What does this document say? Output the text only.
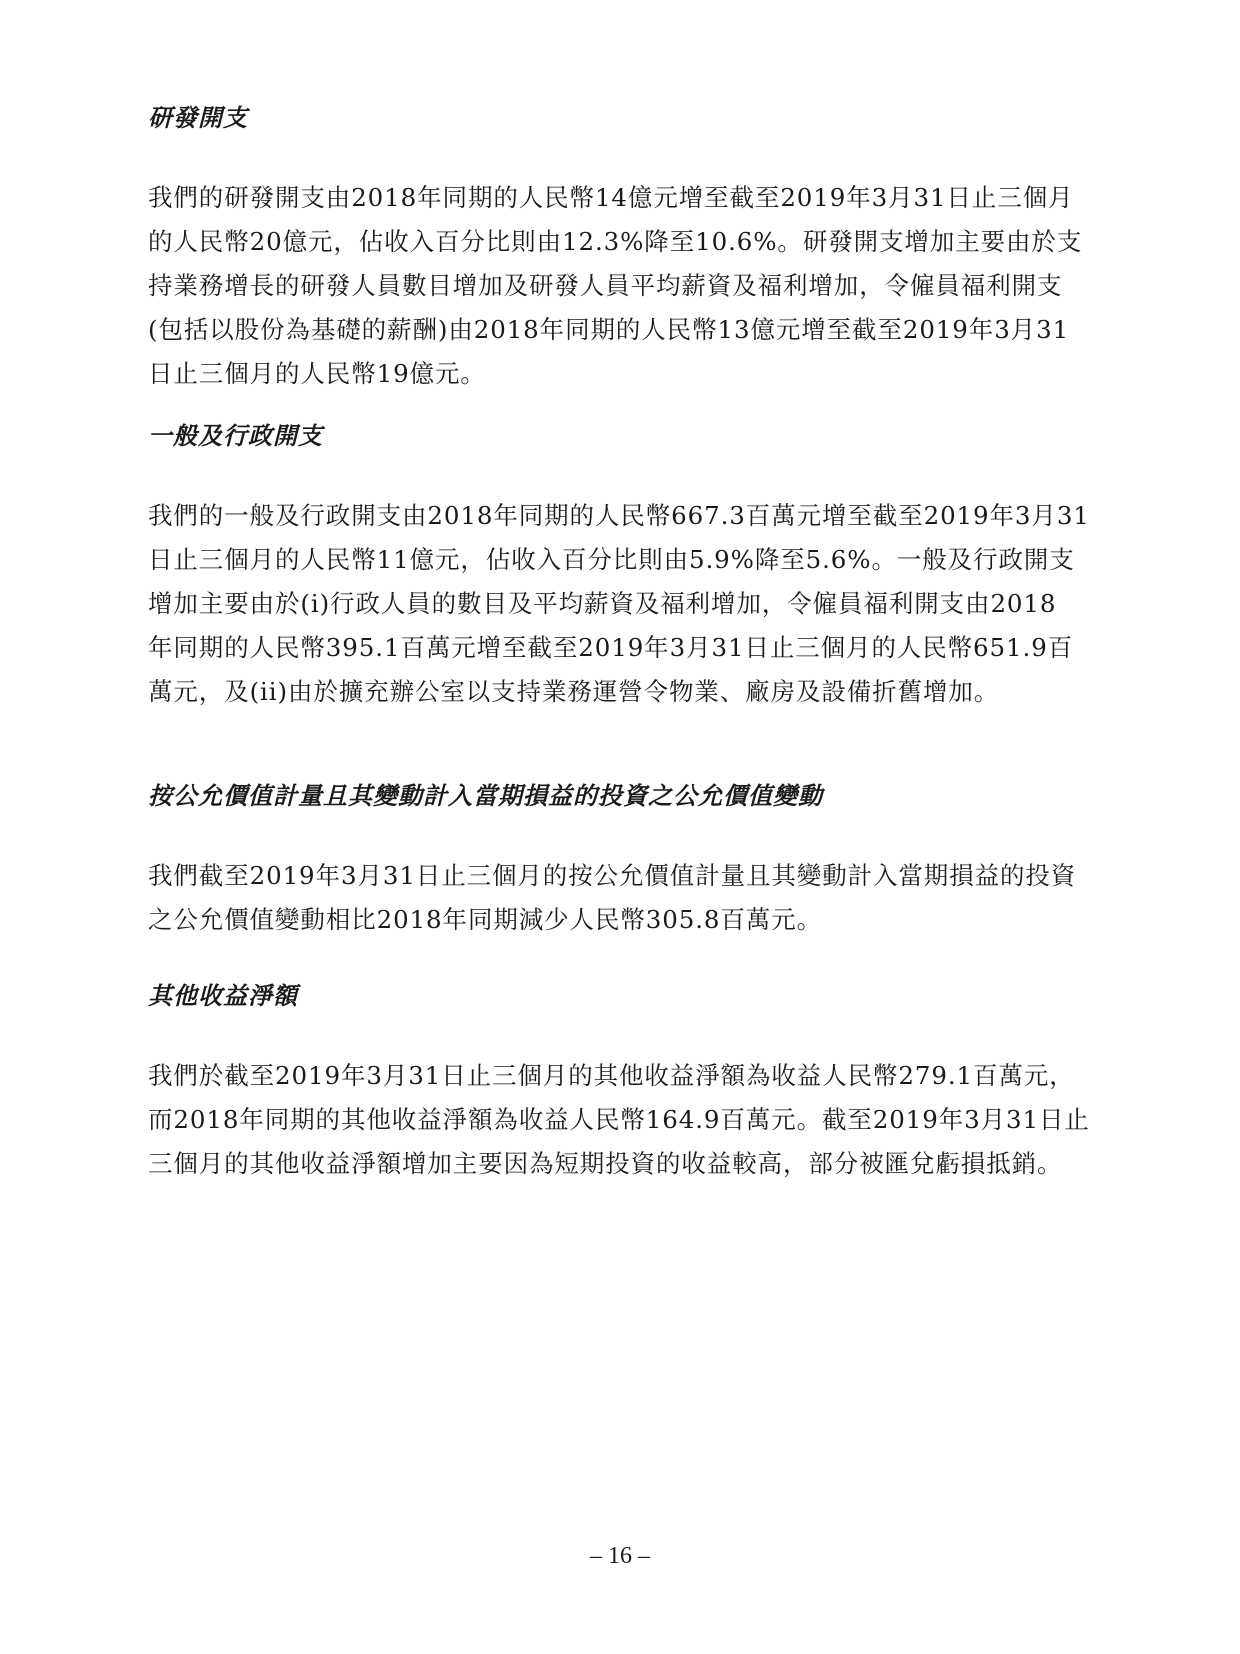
研發開支
我們的研發開支由2018年同期的人民幣14億元增至截至2019年3月31日止三個月
的人民幣20億元，佔收入百分比則由12.3%降至10.6%。研發開支增加主要由於支
持業務增長的研發人員數目增加及研發人員平均薪資及福利增加，令僱員福利開支
(包括以股份為基礎的薪酬)由2018年同期的人民幣13億元增至截至2019年3月31
日止三個月的人民幣19億元。
一般及行政開支
我們的一般及行政開支由2018年同期的人民幣667.3百萬元增至截至2019年3月31
日止三個月的人民幣11億元，佔收入百分比則由5.9%降至5.6%。一般及行政開支
增加主要由於(i)行政人員的數目及平均薪資及福利增加，令僱員福利開支由2018
年同期的人民幣395.1百萬元增至截至2019年3月31日止三個月的人民幣651.9百
萬元，及(ii)由於擴充辦公室以支持業務運營令物業、廠房及設備折舊增加。
按公允價值計量且其變動計入當期損益的投資之公允價值變動
我們截至2019年3月31日止三個月的按公允價值計量且其變動計入當期損益的投資
之公允價值變動相比2018年同期減少人民幣305.8百萬元。
其他收益淨額
我們於截至2019年3月31日止三個月的其他收益淨額為收益人民幣279.1百萬元，
而2018年同期的其他收益淨額為收益人民幣164.9百萬元。截至2019年3月31日止
三個月的其他收益淨額增加主要因為短期投資的收益較高，部分被匯兌虧損抵銷。
– 16 –
